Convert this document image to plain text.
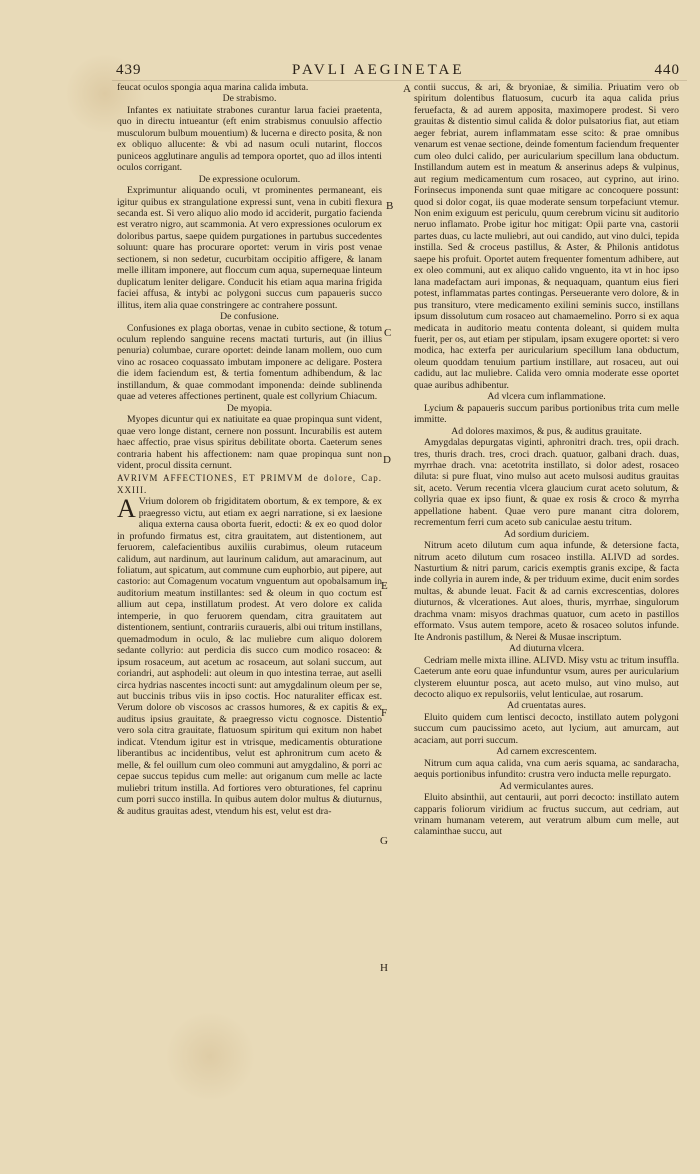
439	PAVLI AEGINETAE	440
A
B
C
D
E
F
G
H

feucat oculos spongia aqua marina calida imbuta.

De strabismo.

Infantes ex natiuitate strabones curantur larua faciei praetenta, quo in directu intueantur (eft enim strabismus conuulsio affectio musculorum bulbum mouentium) & lucerna e directo posita, & non ex obliquo allucente: & vbi ad nasum oculi nutarint, floccos puniceos agglutinare angulis ad tempora oportet, quo ad illos intenti oculos corrigant.

De expressione oculorum.

Exprimuntur aliquando oculi, vt prominentes permaneant, eis igitur quibus ex strangulatione expressi sunt, vena in cubiti flexura secanda est. Si vero aliquo alio modo id acciderit, purgatio facienda est veratro nigro, aut scammonia. At vero expressiones oculorum ex doloribus partus, saepe quidem purgationes in partubus succedentes soluunt: quare has procurare oportet: verum in viris post venae sectionem, si non sedetur, cucurbitam occipitio affigere, & lanam melle illitam imponere, aut floccum cum aqua, supernequae linteum duplicatum leniter deligare. Conducit his etiam aqua marina frigida faciei affusa, & intybi ac polygoni succus cum papaueris succo illitus, item alia quae constringere ac contrahere possunt.

De confusione.

Confusiones ex plaga obortas, venae in cubito sectione, & totum oculum replendo sanguine recens mactati turturis, aut (in illius penuria) columbae, curare oportet: deinde lanam mollem, ouo cum vino ac rosaceo coquassato imbutam imponere ac deligare. Postera die idem faciendum est, & tertia fomentum adhibendum, & lac instillandum, & quae commodant imponenda: deinde sublinenda quae ad veteres affectiones pertinent, quale est collyrium Chiacum.

De myopia.

Myopes dicuntur qui ex natiuitate ea quae propinqua sunt vident, quae vero longe distant, cernere non possunt. Incurabilis est autem haec affectio, prae visus spiritus debilitate oborta. Caeterum senes contraria habent his affectionem: nam quae propinqua sunt non vident, procul dissita cernunt.

AVRIVM AFFECTIONES, ET PRIMVM de dolore, Cap. XXIII.

A Vrium dolorem ob frigiditatem obortum, & ex tempore, & ex praegresso victu, aut etiam ex aegri narratione, si ex laesione aliqua externa causa oborta fuerit, edocti: & ex eo quod dolor in profundo firmatus est, citra grauitatem, aut distentionem, aut feruorem, calefacientibus auxiliis curabimus, oleum rutaceum calidum, aut nardinum, aut laurinum calidum, aut amaracinum, aut foliatum, aut spicatum, aut commune cum euphorbio, aut pipere, aut castorio: aut Comagenum vocatum vnguentum aut opobalsamum in auditorium meatum instillantes: sed & oleum in quo coctum est allium aut cepa, instillatum prodest. At vero dolore ex calida intemperie, in quo feruorem quendam, citra grauitatem aut distentionem, sentiunt, contrariis curaueris, albi oui tritum instillans, quemadmodum in oculo, & lac muliebre cum aliquo dolorem sedante collyrio: aut perdicia dis succo cum modico rosaceo: & ipsum rosaceum, aut acetum ac rosaceum, aut solani succum, aut coriandri, aut asphodeli: aut oleum in quo intestina terrae, aut aselli circa hydrias nascentes incocti sunt: aut amygdalinum oleum per se, aut buccinis tribus viis in ipso coctis. Hoc naturaliter efficax est. Verum dolore ob viscosos ac crassos humores, & ex capitis & ex auditus ipsius grauitate, & praegresso victu cognosce. Distentio vero sola citra grauitate, flatuosum spiritum qui exitum non habet indicat. Vtendum igitur est in vtrisque, medicamentis obturatione liberantibus ac incidentibus, velut est aphronitrum cum aceto & melle, & fel ouillum cum oleo communi aut amygdalino, & porri ac cepae succus tepidus cum melle: aut origanum cum melle ac lacte muliebri tritum instilla. Ad fortiores vero obturationes, fel caprinu cum porri succo instilla. In quibus autem dolor multus & diuturnus, & auditus grauitas adest, vtendum his est, velut est dra-

contii succus, & ari, & bryoniae, & similia. Priuatim vero ob spiritum dolentibus flatuosum, cucurb ita aqua calida prius feruefacta, & ad aurem apposita, maximopere prodest. Si vero grauitas & distentio simul calida & dolor pulsatorius fiat, aut etiam aeger febriat, aurem inflammatam esse scito: & prae omnibus venarum est venae sectione, deinde fomentum faciendum frequenter cum oleo dulci calido, per auricularium specillum lana obductum. Instillandum autem est in meatum & anserinus adeps & vulpinus, aut regium medicamentum cum rosaceo, aut cyprino, aut irino. Forinsecus imponenda sunt quae mitigare ac concoquere possunt: quod si dolor cogat, iis quae moderate sensum torpefaciunt vtemur. Non enim exiguum est periculu, quum cerebrum vicinu sit auditorio neruo inflamato. Probe igitur hoc mitigat: Opii parte vna, castorii partes duas, cu lacte muliebri, aut oui candido, aut vino dulci, tepida instilla. Sed & croceus pastillus, & Aster, & Philonis antidotus saepe his profuit. Oportet autem frequenter fomentum adhibere, aut ex oleo communi, aut ex aliquo calido vnguento, ita vt in hoc ipso lana madefactam auri imponas, & nequaquam, quantum eius fieri potest, inflammatas partes contingas. Perseuerante vero dolore, & in pus transituro, vtere medicamento exilini seminis succo, instillans ipsum dissolutum cum rosaceo aut chamaemelino. Porro si ex aqua medicata in auditorio meatu contenta doleant, si quidem multa fuerit, per os, aut etiam per stipulam, ipsam exugere oportet: si vero modica, hac exterfa per auricularium specillum lana obductum, oleum quoddam tenuium partium instillare, aut rosaceu, aut oui cadidu, aut lac muliebre. Calida vero omnia moderate esse oportet quae auribus adhibentur.

Ad vlcera cum inflammatione.

Lycium & papaueris succum paribus portionibus trita cum melle immitte.

Ad dolores maximos, & pus, & auditus grauitate.

Amygdalas depurgatas viginti, aphronitri drach. tres, opii drach. tres, thuris drach. tres, croci drach. quatuor, galbani drach. duas, myrrhae drach. vna: acetotrita instillato, si dolor adest, rosaceo diluta: si pure fluat, vino mulso aut aceto mulsosi auditus grauitas sit, aceto. Verum recentia vlcera glaucium curat aceto solutum, & collyria quae ex ipso fiunt, & quae ex rosis & croco & myrrha appellatione habent. Quae vero pure manant citra dolorem, recrementum ferri cum aceto sub caniculae aestu tritum.

Ad sordium duriciem.

Nitrum aceto dilutum cum aqua infunde, & detersione facta, nitrum aceto dilutum cum rosaceo instilla. ALIVD ad sordes. Nasturtium & nitri parum, caricis exemptis granis excipe, & facta inde collyria in aurem inde, & per triduum exime, ducit enim sordes multas, & abunde leuat. Facit & ad carnis excrescentias, dolores diuturnos, & vlcerationes. Aut aloes, thuris, myrrhae, singulorum drachma vnam: misyos drachmas quatuor, cum aceto in pastillos efformato. Vsus autem tempore, aceto & rosaceo solutos infunde. Ite Andronis pastillum, & Nerei & Musae inscriptum.

Ad diuturna vlcera.

Cedriam melle mixta illine. ALIVD. Misy vstu ac tritum insuffla. Caeterum ante eoru quae infunduntur vsum, aures per auricularium clysterem eluuntur posca, aut aceto mulso, aut vino mulso, aut decocto aliquo ex repulsoriis, velut lenticulae, aut rosarum.

Ad cruentatas aures.

Eluito quidem cum lentisci decocto, instillato autem polygoni succum cum paucissimo aceto, aut lycium, aut amurcam, aut acaciam, aut porri succum.

Ad carnem excrescentem.

Nitrum cum aqua calida, vna cum aeris squama, ac sandaracha, aequis portionibus infundito: crustra vero inducta melle repurgato.

Ad vermiculantes aures.

Eluito absinthii, aut centaurii, aut porri decocto: instillato autem capparis foliorum viridium ac fructus succum, aut cedriam, aut vrinam humanam veterem, aut veratrum album cum melle, aut calaminthae succu, aut
